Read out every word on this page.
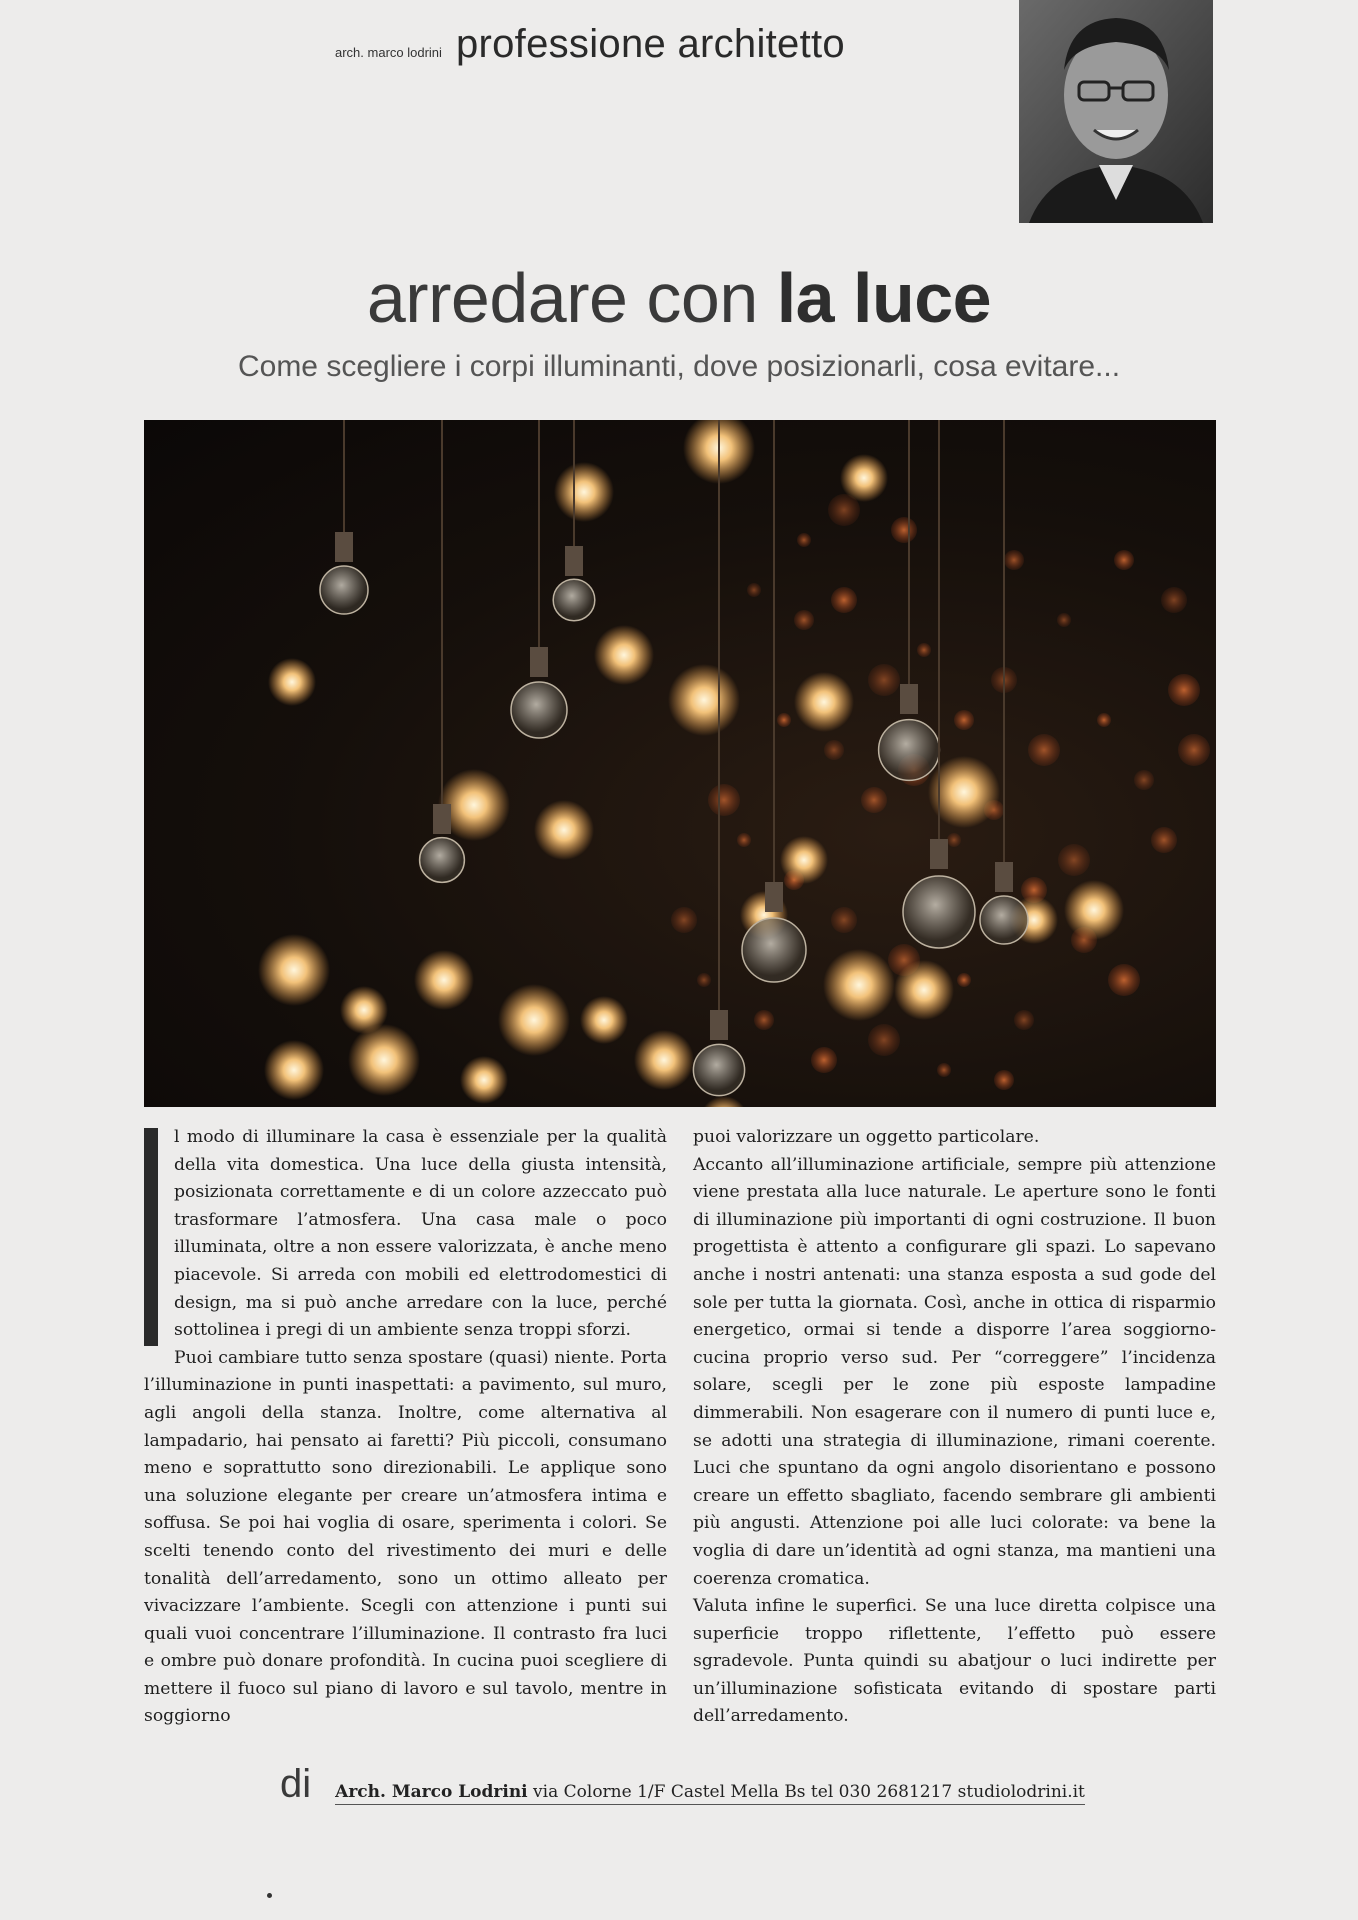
arch. marco lodrini professione architetto
arredare con la luce
Come scegliere i corpi illuminanti, dove posizionarli, cosa evitare...

l modo di illuminare la casa è essenziale per la qualità della vita domestica. Una luce della giusta intensità, posizionata correttamente e di un colore azzeccato può trasformare l’atmosfera. Una casa male o poco illuminata, oltre a non essere valorizzata, è anche meno piacevole. Si arreda con mobili ed elettrodomestici di design, ma si può anche arredare con la luce, perché sottolinea i pregi di un ambiente senza troppi sforzi.

Puoi cambiare tutto senza spostare (quasi) niente. Porta l’illuminazione in punti inaspettati: a pavimento, sul muro, agli angoli della stanza. Inoltre, come alternativa al lampadario, hai pensato ai faretti? Più piccoli, consumano meno e soprattutto sono direzionabili. Le applique sono una soluzione elegante per creare un’atmosfera intima e soffusa. Se poi hai voglia di osare, sperimenta i colori. Se scelti tenendo conto del rivestimento dei muri e delle tonalità dell’arredamento, sono un ottimo alleato per vivacizzare l’ambiente. Scegli con attenzione i punti sui quali vuoi concentrare l’illuminazione. Il contrasto fra luci e ombre può donare profondità. In cucina puoi scegliere di mettere il fuoco sul piano di lavoro e sul tavolo, mentre in soggiorno

puoi valorizzare un oggetto particolare.

Accanto all’illuminazione artificiale, sempre più attenzione viene prestata alla luce naturale. Le aperture sono le fonti di illuminazione più importanti di ogni costruzione. Il buon progettista è attento a configurare gli spazi. Lo sapevano anche i nostri antenati: una stanza esposta a sud gode del sole per tutta la giornata. Così, anche in ottica di risparmio energetico, ormai si tende a disporre l’area soggiorno-cucina proprio verso sud. Per “correggere” l’incidenza solare, scegli per le zone più esposte lampadine dimmerabili. Non esagerare con il numero di punti luce e, se adotti una strategia di illuminazione, rimani coerente. Luci che spuntano da ogni angolo disorientano e possono creare un effetto sbagliato, facendo sembrare gli ambienti più angusti. Attenzione poi alle luci colorate: va bene la voglia di dare un’identità ad ogni stanza, ma mantieni una coerenza cromatica.

Valuta infine le superfici. Se una luce diretta colpisce una superficie troppo riflettente, l’effetto può essere sgradevole. Punta quindi su abatjour o luci indirette per un’illuminazione sofisticata evitando di spostare parti dell’arredamento.

di Arch. Marco Lodrini via Colorne 1/F Castel Mella Bs tel 030 2681217 studiolodrini.it
